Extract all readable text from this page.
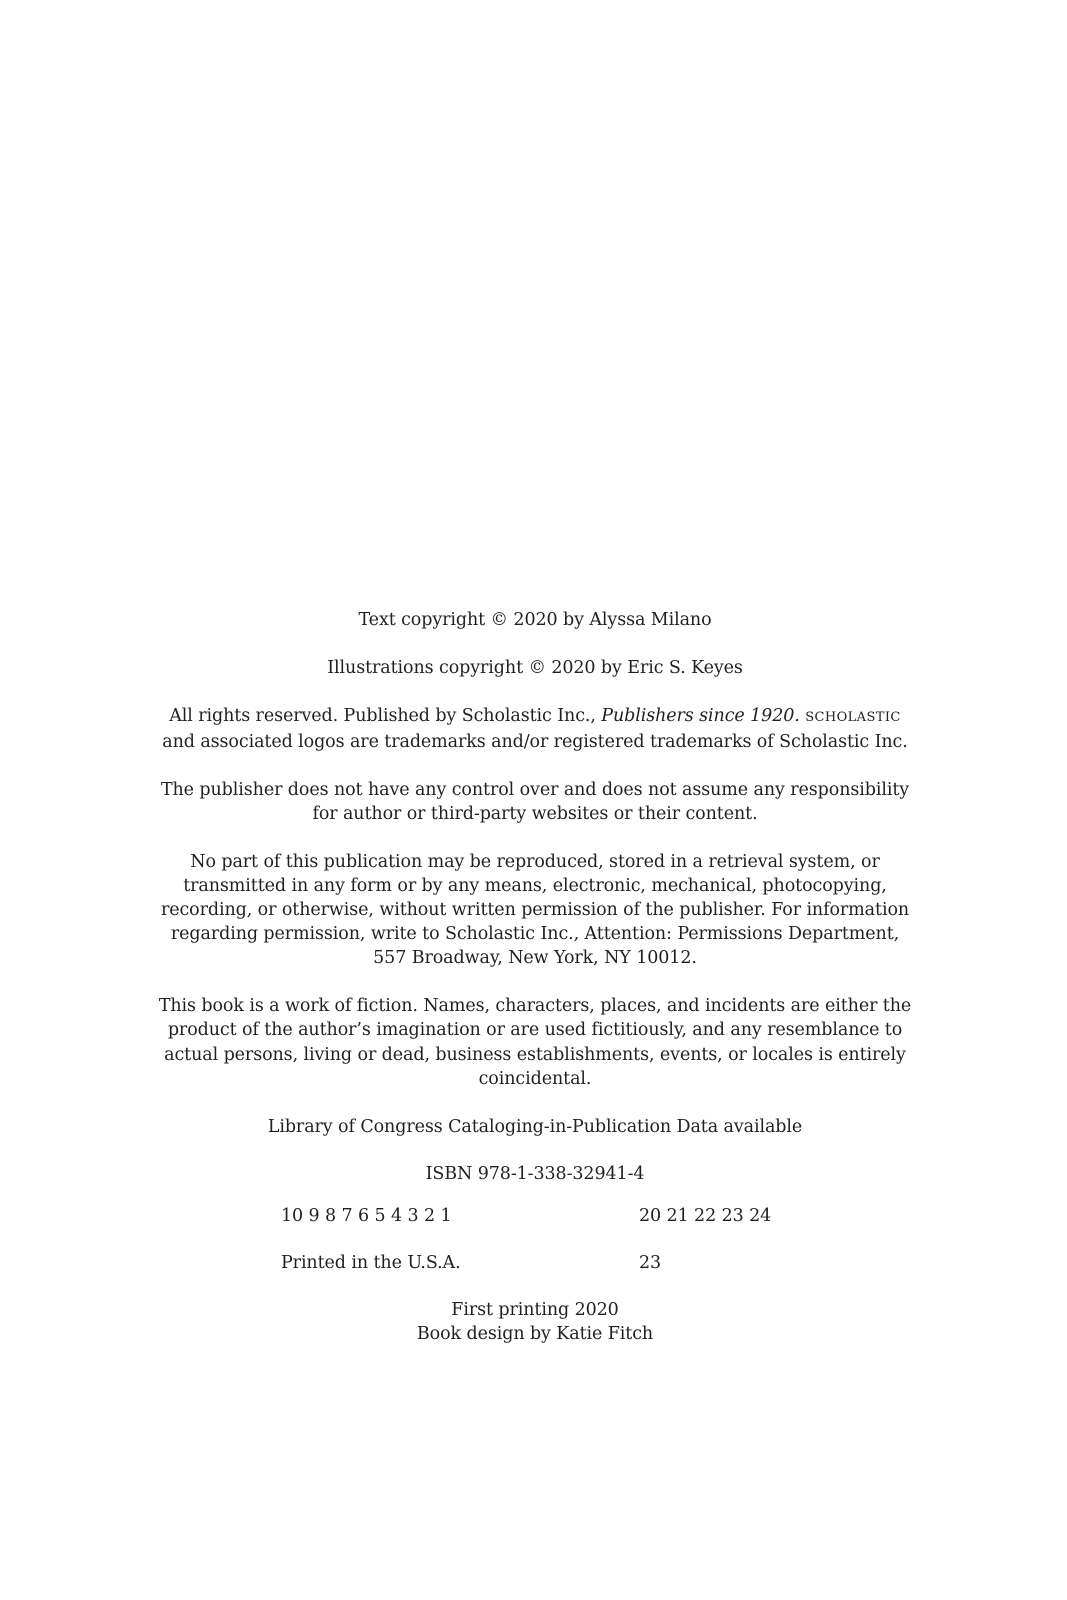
Text copyright © 2020 by Alyssa Milano

Illustrations copyright © 2020 by Eric S. Keyes

All rights reserved. Published by Scholastic Inc., Publishers since 1920. SCHOLASTIC
and associated logos are trademarks and/or registered trademarks of Scholastic Inc.

The publisher does not have any control over and does not assume any responsibility
for author or third-party websites or their content.

No part of this publication may be reproduced, stored in a retrieval system, or
transmitted in any form or by any means, electronic, mechanical, photocopying,
recording, or otherwise, without written permission of the publisher. For information
regarding permission, write to Scholastic Inc., Attention: Permissions Department,
557 Broadway, New York, NY 10012.

This book is a work of fiction. Names, characters, places, and incidents are either the
product of the author’s imagination or are used fictitiously, and any resemblance to
actual persons, living or dead, business establishments, events, or locales is entirely
coincidental.

Library of Congress Cataloging-in-Publication Data available

ISBN 978-1-338-32941-4

10 9 8 7 6 5 4 3 2 1	20 21 22 23 24
Printed in the U.S.A.	23
First printing 2020
Book design by Katie Fitch
